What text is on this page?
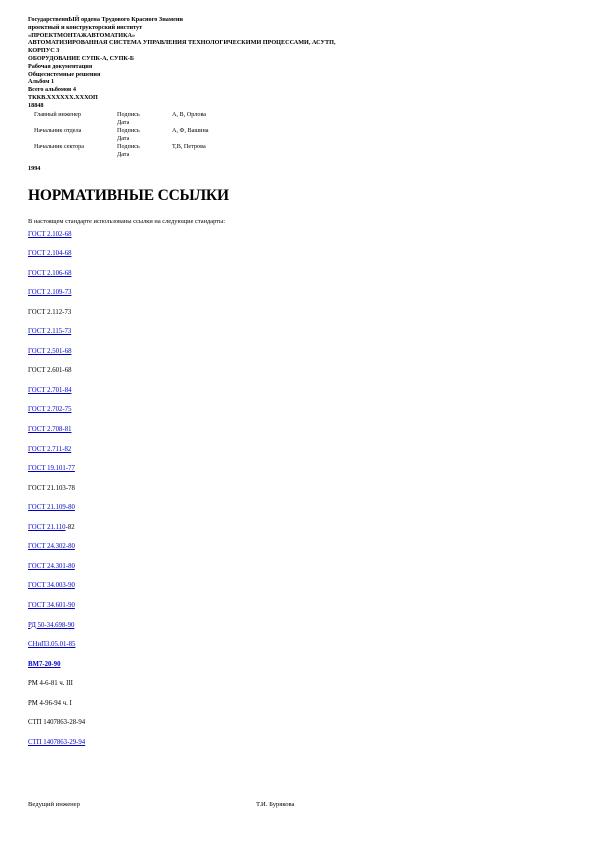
ГосударственнЫЙ ордена Трудового Красного Знамени
проектный и конструкторский институт
«ПРОЕКТМОНТАЖАВТОМАТИКА»
АВТОМАТИЗИРОВАННАЯ СИСТЕМА УПРАВЛЕНИЯ ТЕХНОЛОГИЧЕСКИМИ ПРОЦЕССАМИ, АСУТП,
КОРПУС 3
ОБОРУДОВАНИЕ СУПК-А, СУПК-Б
Рабочая документация
Общесистемные решения
Альбом 1
Всего альбомов 4
ТККВ.ХХХХХХ.ХХХОП
18848
Главный инженер	Подпись	А, В, Орлова
	Дата	
Начальник отдела	Подпись	А, Ф, Вашина
	Дата	
Начальник сектора	Подпись	Т,В, Петрова
	Дата	
1994
НОРМАТИВНЫЕ ССЫЛКИ
В настоящем стандарте использованы ссылки на следующие стандарты:
ГОСТ 2.102-68
ГОСТ 2.104-68
ГОСТ 2.106-68
ГОСТ 2.109-73
ГОСТ 2.112-73
ГОСТ 2.115-73
ГОСТ 2.501-68
ГОСТ 2.601-68
ГОСТ 2.701-84
ГОСТ 2.702-75
ГОСТ 2.708-81
ГОСТ 2.711-82
ГОСТ 19.101-77
ГОСТ 21.103-78
ГОСТ 21.109-80
ГОСТ 21.110-82
ГОСТ 24.302-80
ГОСТ 24.301-80
ГОСТ 34.003-90
ГОСТ 34.601-90
РД 50-34.698-90
СНиП3.05.01-85
ВМ7-20-90
РМ 4-6-81 ч. III
РМ 4-96-94 ч. I
СТП 1407863-28-94
СТП 1407863-29-94
Ведущий инженер	Т.И. Бурякова
